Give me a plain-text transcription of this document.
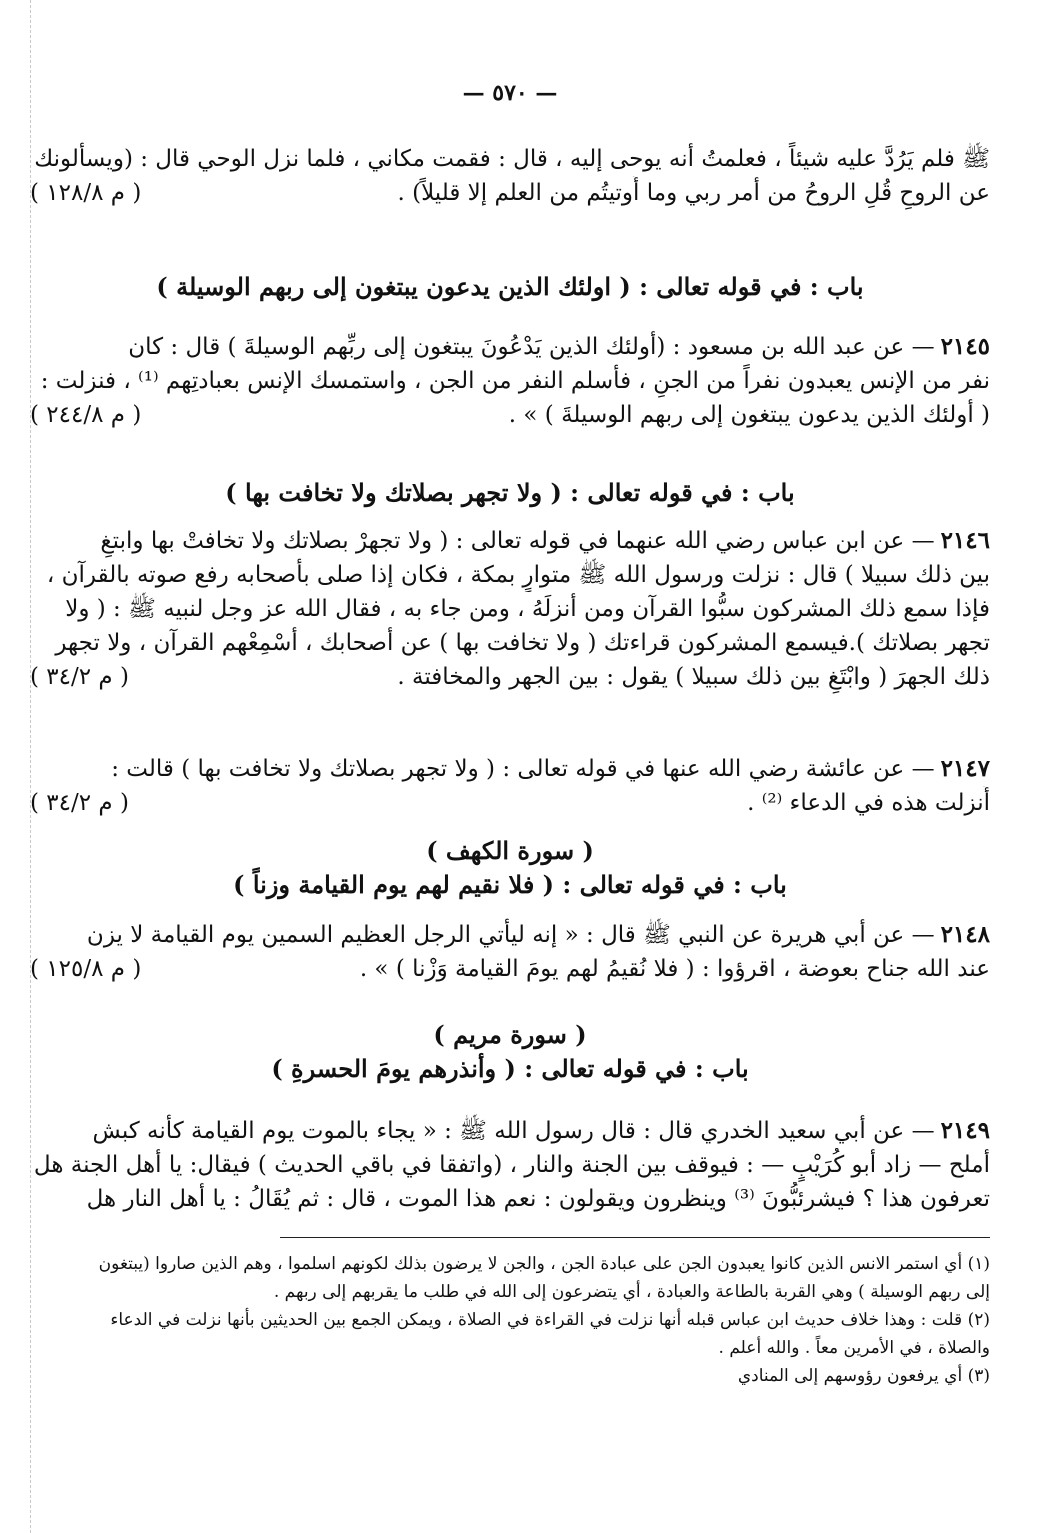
— ٥٧٠ —
ﷺ فلم يَرُدَّ عليه شيئاً ، فعلمتُ أنه يوحى إليه ، قال : فقمت مكاني ، فلما نزل الوحي قال : (ويسألونك
عن الروحِ قُلِ الروحُ من أمر ربي وما أُوتيتُم من العلم إلا قليلاً) .
( م ١٢٨/٨ )
باب : في قوله تعالى : ( اولئك الذين يدعون يبتغون إلى ربهم الوسيلة )
٢١٤٥— عن عبد الله بن مسعود : (أولئك الذين يَدْعُونَ يبتغون إلى ربِّهم الوسيلةَ ) قال : كان
نفر من الإنس يعبدون نفراً من الجنِ ، فأسلم النفر من الجن ، واستمسك الإنس بعبادتِهم ⁽¹⁾ ، فنزلت :
( أولئك الذين يدعون يبتغون إلى ربهم الوسيلةَ ) » .
( م ٢٤٤/٨ )
باب : في قوله تعالى : ( ولا تجهر بصلاتك ولا تخافت بها )
٢١٤٦— عن ابن عباس رضي الله عنهما في قوله تعالى : ( ولا تجهرْ بصلاتك ولا تخافتْ بها وابتغِ
بين ذلك سبيلا ) قال : نزلت ورسول الله ﷺ متوارٍ بمكة ، فكان إذا صلى بأصحابه رفع صوته بالقرآن ،
فإذا سمع ذلك المشركون سبُّوا القرآن ومن أنزلَهُ ، ومن جاء به ، فقال الله عز وجل لنبيه ﷺ : ( ولا
تجهر بصلاتك ).فيسمع المشركون قراءتك ( ولا تخافت بها ) عن أصحابك ، أسْمِعْهم القرآن ، ولا تجهر
ذلك الجهرَ ( وابْتَغِ بين ذلك سبيلا ) يقول : بين الجهر والمخافتة .
( م ٣٤/٢ )
٢١٤٧— عن عائشة رضي الله عنها في قوله تعالى : ( ولا تجهر بصلاتك ولا تخافت بها ) قالت :
أُنزلت هذه في الدعاء ⁽²⁾ .
( م ٣٤/٢ )
( سورة الكهف )
باب : في قوله تعالى : ( فلا نقيم لهم يوم القيامة وزناً )
٢١٤٨— عن أبي هريرة عن النبي ﷺ قال : « إنه ليأتي الرجل العظيم السمين يوم القيامة لا يزن
عند الله جناح بعوضة ، اقرؤوا : ( فلا نُقيمُ لهم يومَ القيامة وَزْنا ) » .
( م ١٢٥/٨ )
( سورة مريم )
باب : في قوله تعالى : ( وأنذرهم يومَ الحسرةِ )
٢١٤٩— عن أبي سعيد الخدري قال : قال رسول الله ﷺ : « يجاء بالموت يوم القيامة كأنه كبش
أملح — زاد أبو كُرَيْبٍ — : فيوقف بين الجنة والنار ، (واتفقا في باقي الحديث ) فيقال: يا أهل الجنة هل
تعرفون هذا ؟ فيشرئبُّونَ ⁽³⁾ وينظرون ويقولون : نعم هذا الموت ، قال : ثم يُقَالُ : يا أهل النار هل
(١) أي استمر الانس الذين كانوا يعبدون الجن على عبادة الجن ، والجن لا يرضون بذلك لكونهم اسلموا ، وهم الذين صاروا (يبتغون
إلى ربهم الوسيلة ) وهي القربة بالطاعة والعبادة ، أي يتضرعون إلى الله في طلب ما يقربهم إلى ربهم .
(٢) قلت : وهذا خلاف حديث ابن عباس قبله أنها نزلت في القراءة في الصلاة ، ويمكن الجمع بين الحديثين بأنها نزلت في الدعاء
والصلاة ، في الأمرين معاً . والله أعلم .
(٣) أي يرفعون رؤوسهم إلى المنادي
